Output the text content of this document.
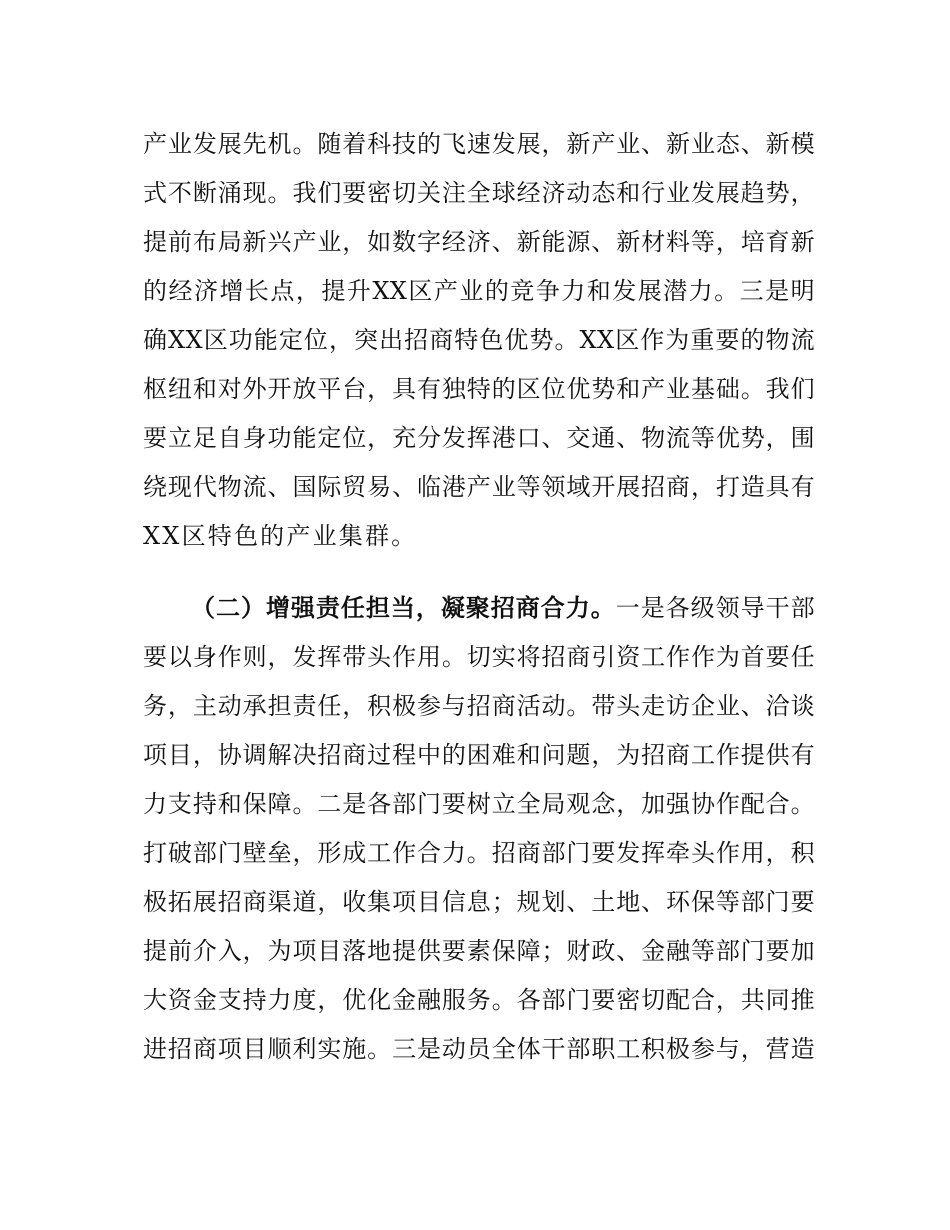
产业发展先机。随着科技的飞速发展，新产业、新业态、新模
式不断涌现。我们要密切关注全球经济动态和行业发展趋势，
提前布局新兴产业，如数字经济、新能源、新材料等，培育新
的经济增长点，提升XX区产业的竞争力和发展潜力。三是明
确XX区功能定位，突出招商特色优势。XX区作为重要的物流
枢纽和对外开放平台，具有独特的区位优势和产业基础。我们
要立足自身功能定位，充分发挥港口、交通、物流等优势，围
绕现代物流、国际贸易、临港产业等领域开展招商，打造具有
XX区特色的产业集群。
（二）增强责任担当，凝聚招商合力。一是各级领导干部
要以身作则，发挥带头作用。切实将招商引资工作作为首要任
务，主动承担责任，积极参与招商活动。带头走访企业、洽谈
项目，协调解决招商过程中的困难和问题，为招商工作提供有
力支持和保障。二是各部门要树立全局观念，加强协作配合。
打破部门壁垒，形成工作合力。招商部门要发挥牵头作用，积
极拓展招商渠道，收集项目信息；规划、土地、环保等部门要
提前介入，为项目落地提供要素保障；财政、金融等部门要加
大资金支持力度，优化金融服务。各部门要密切配合，共同推
进招商项目顺利实施。三是动员全体干部职工积极参与，营造
